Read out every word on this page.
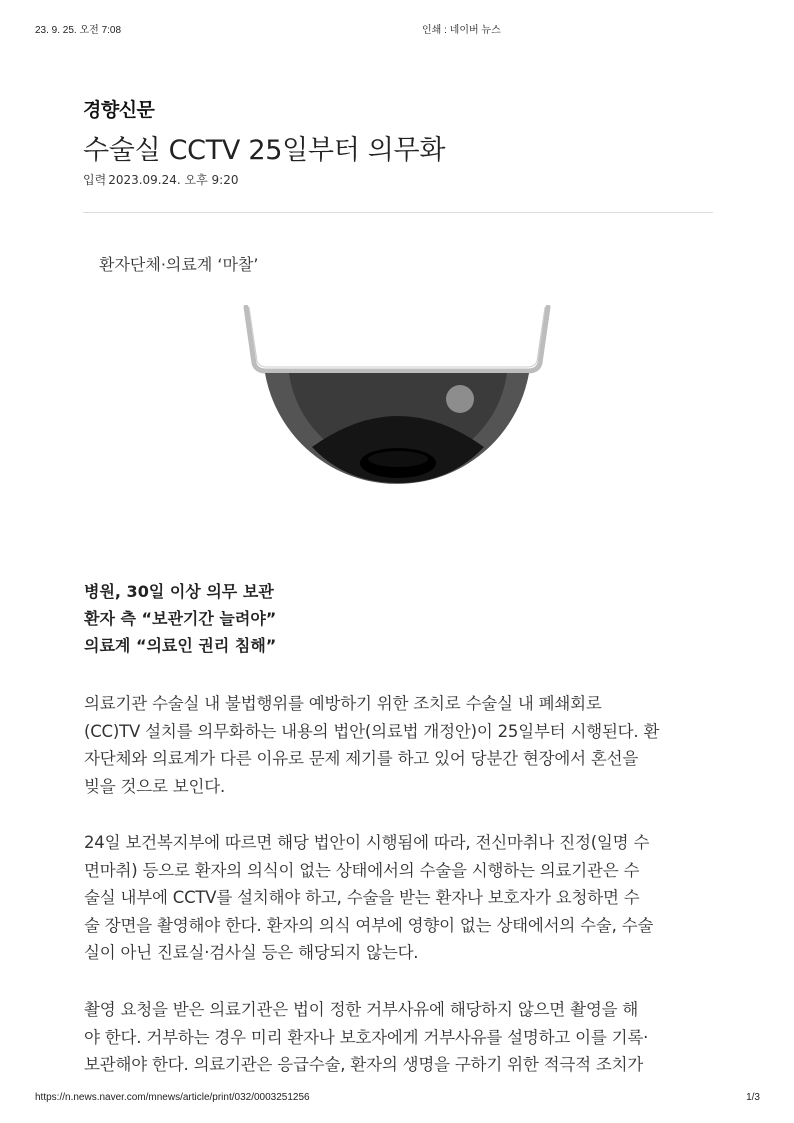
23. 9. 25. 오전 7:08	인쇄 : 네이버 뉴스
경향신문
수술실 CCTV 25일부터 의무화
입력 2023.09.24. 오후 9:20
환자단체·의료계 ‘마찰’
병원, 30일 이상 의무 보관
환자 측 “보관기간 늘려야”
의료계 “의료인 권리 침해”
의료기관 수술실 내 불법행위를 예방하기 위한 조치로 수술실 내 폐쇄회로
(CC)TV 설치를 의무화하는 내용의 법안(의료법 개정안)이 25일부터 시행된다. 환
자단체와 의료계가 다른 이유로 문제 제기를 하고 있어 당분간 현장에서 혼선을
빚을 것으로 보인다.
24일 보건복지부에 따르면 해당 법안이 시행됨에 따라, 전신마취나 진정(일명 수
면마취) 등으로 환자의 의식이 없는 상태에서의 수술을 시행하는 의료기관은 수
술실 내부에 CCTV를 설치해야 하고, 수술을 받는 환자나 보호자가 요청하면 수
술 장면을 촬영해야 한다. 환자의 의식 여부에 영향이 없는 상태에서의 수술, 수술
실이 아닌 진료실·검사실 등은 해당되지 않는다.
촬영 요청을 받은 의료기관은 법이 정한 거부사유에 해당하지 않으면 촬영을 해
야 한다. 거부하는 경우 미리 환자나 보호자에게 거부사유를 설명하고 이를 기록·
보관해야 한다. 의료기관은 응급수술, 환자의 생명을 구하기 위한 적극적 조치가
https://n.news.naver.com/mnews/article/print/032/0003251256	1/3
